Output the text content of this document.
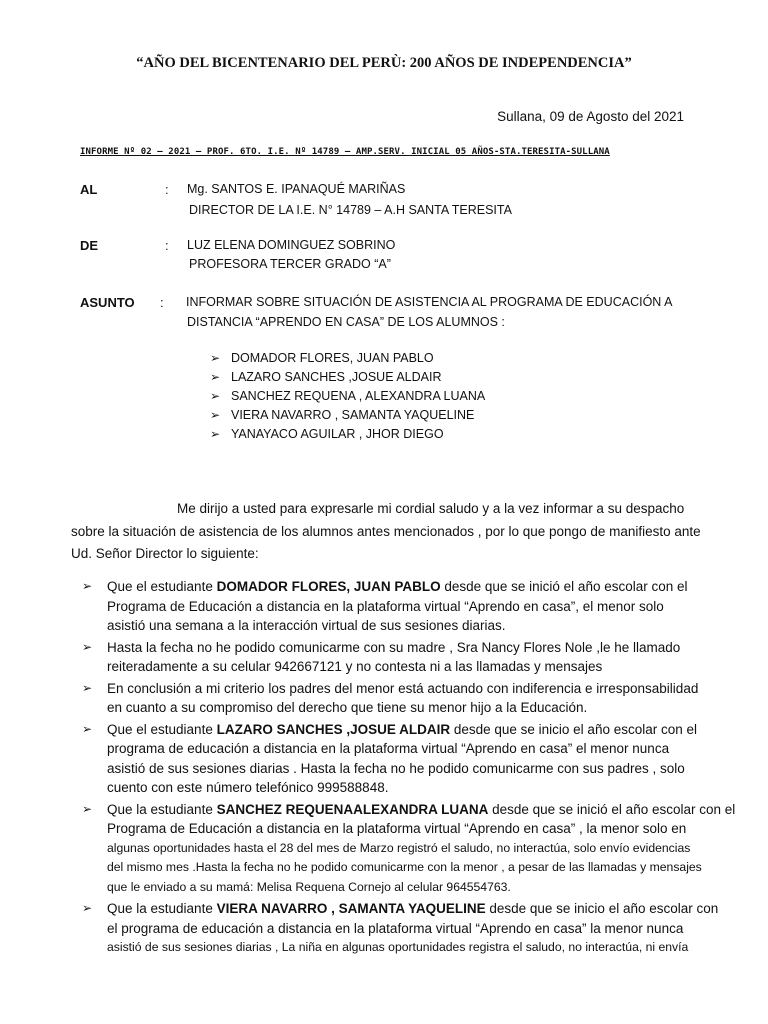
“AÑO DEL BICENTENARIO DEL PERÙ: 200 AÑOS DE INDEPENDENCIA”
Sullana, 09 de Agosto del 2021
INFORME Nº 02 – 2021 – PROF. 6TO. I.E. Nº 14789 – AMP.SERV. INICIAL 05 AÑOS-STA.TERESITA-SULLANA
AL	: Mg. SANTOS E. IPANAQUÉ MARIÑAS
DIRECTOR DE LA I.E. N° 14789 – A.H SANTA TERESITA
DE	: LUZ ELENA DOMINGUEZ SOBRINO
PROFESORA TERCER GRADO “A”
ASUNTO : INFORMAR SOBRE SITUACIÓN DE ASISTENCIA AL PROGRAMA DE EDUCACIÓN A
DISTANCIA “APRENDO EN CASA” DE LOS ALUMNOS :
➢ DOMADOR FLORES, JUAN PABLO
➢ LAZARO SANCHES ,JOSUE ALDAIR
➢ SANCHEZ REQUENA , ALEXANDRA LUANA
➢ VIERA NAVARRO , SAMANTA YAQUELINE
➢ YANAYACO AGUILAR , JHOR DIEGO
Me dirijo a usted para expresarle mi cordial saludo y a la vez informar a su despacho
sobre la situación de asistencia de los alumnos antes mencionados , por lo que pongo de manifiesto ante
Ud. Señor Director lo siguiente:
➢ Que el estudiante DOMADOR FLORES, JUAN PABLO desde que se inició el año escolar con el
Programa de Educación a distancia en la plataforma virtual “Aprendo en casa”, el menor solo
asistió una semana a la interacción virtual de sus sesiones diarias.
➢ Hasta la fecha no he podido comunicarme con su madre , Sra Nancy Flores Nole ,le he llamado
reiteradamente a su celular 942667121 y no contesta ni a las llamadas y mensajes
➢ En conclusión a mi criterio los padres del menor está actuando con indiferencia e irresponsabilidad
en cuanto a su compromiso del derecho que tiene su menor hijo a la Educación.
➢ Que el estudiante LAZARO SANCHES ,JOSUE ALDAIR desde que se inicio el año escolar con el
programa de educación a distancia en la plataforma virtual “Aprendo en casa” el menor nunca
asistió de sus sesiones diarias . Hasta la fecha no he podido comunicarme con sus padres , solo
cuento con este número telefónico 999588848.
➢ Que la estudiante SANCHEZ REQUENAALEXANDRA LUANA desde que se inició el año escolar con el
Programa de Educación a distancia en la plataforma virtual “Aprendo en casa” , la menor solo en
algunas oportunidades hasta el 28 del mes de Marzo registró el saludo, no interactúa, solo envío evidencias
del mismo mes .Hasta la fecha no he podido comunicarme con la menor , a pesar de las llamadas y mensajes
que le enviado a su mamá: Melisa Requena Cornejo al celular 964554763.
➢ Que la estudiante VIERA NAVARRO , SAMANTA YAQUELINE desde que se inicio el año escolar con
el programa de educación a distancia en la plataforma virtual “Aprendo en casa” la menor nunca
asistió de sus sesiones diarias , La niña en algunas oportunidades registra el saludo, no interactúa, ni envía
